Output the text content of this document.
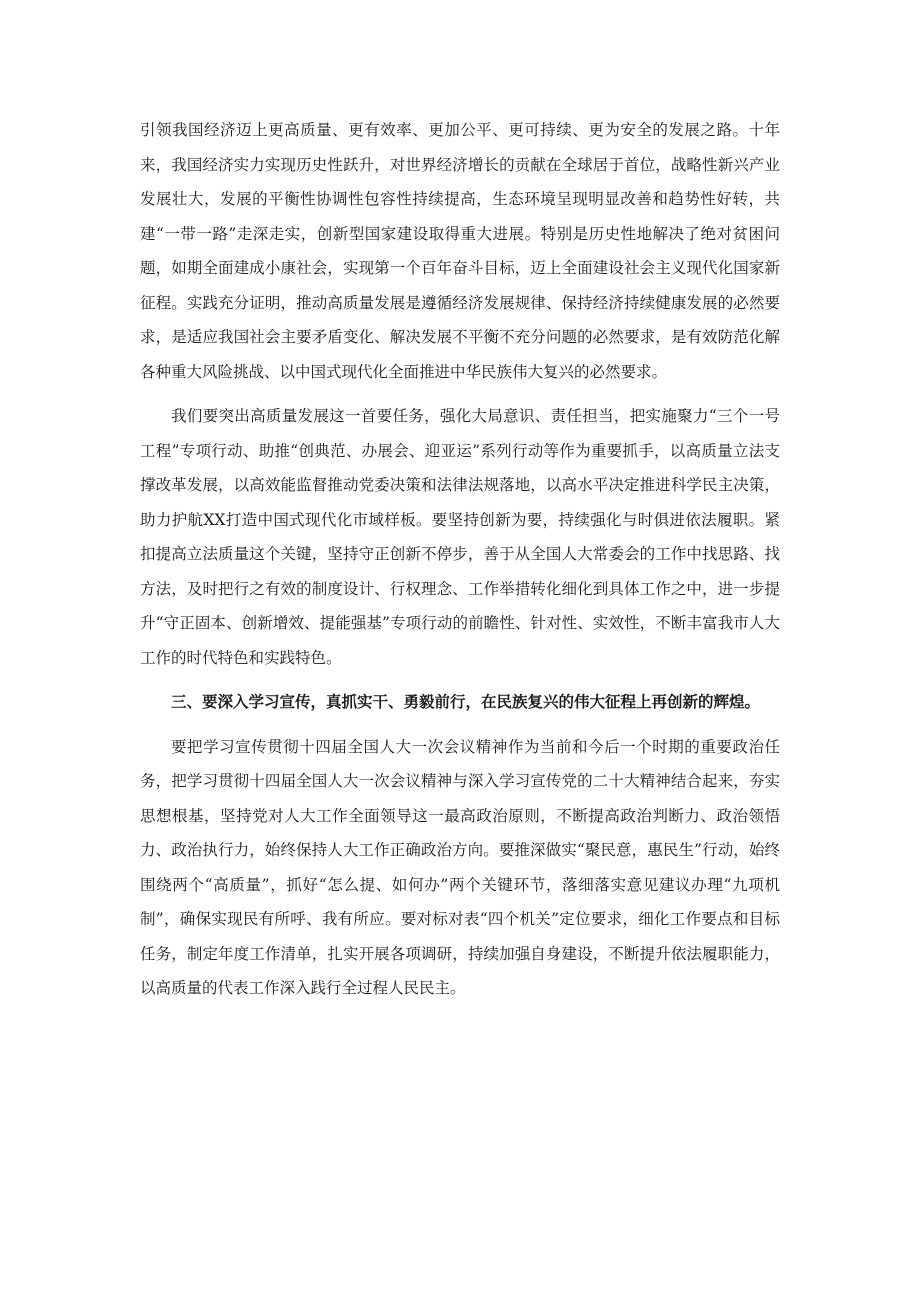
引领我国经济迈上更高质量、更有效率、更加公平、更可持续、更为安全的发展之路。十年来，我国经济实力实现历史性跃升，对世界经济增长的贡献在全球居于首位，战略性新兴产业发展壮大，发展的平衡性协调性包容性持续提高，生态环境呈现明显改善和趋势性好转，共建“一带一路”走深走实，创新型国家建设取得重大进展。特别是历史性地解决了绝对贫困问题，如期全面建成小康社会，实现第一个百年奋斗目标，迈上全面建设社会主义现代化国家新征程。实践充分证明，推动高质量发展是遵循经济发展规律、保持经济持续健康发展的必然要求，是适应我国社会主要矛盾变化、解决发展不平衡不充分问题的必然要求，是有效防范化解各种重大风险挑战、以中国式现代化全面推进中华民族伟大复兴的必然要求。

我们要突出高质量发展这一首要任务，强化大局意识、责任担当，把实施聚力“三个一号工程”专项行动、助推“创典范、办展会、迎亚运”系列行动等作为重要抓手，以高质量立法支撑改革发展，以高效能监督推动党委决策和法律法规落地，以高水平决定推进科学民主决策，助力护航XX打造中国式现代化市域样板。要坚持创新为要，持续强化与时俱进依法履职。紧扣提高立法质量这个关键，坚持守正创新不停步，善于从全国人大常委会的工作中找思路、找方法，及时把行之有效的制度设计、行权理念、工作举措转化细化到具体工作之中，进一步提升“守正固本、创新增效、提能强基”专项行动的前瞻性、针对性、实效性，不断丰富我市人大工作的时代特色和实践特色。

三、要深入学习宣传，真抓实干、勇毅前行，在民族复兴的伟大征程上再创新的辉煌。

要把学习宣传贯彻十四届全国人大一次会议精神作为当前和今后一个时期的重要政治任务，把学习贯彻十四届全国人大一次会议精神与深入学习宣传党的二十大精神结合起来，夯实思想根基，坚持党对人大工作全面领导这一最高政治原则，不断提高政治判断力、政治领悟力、政治执行力，始终保持人大工作正确政治方向。要推深做实“聚民意，惠民生”行动，始终围绕两个“高质量”，抓好“怎么提、如何办”两个关键环节，落细落实意见建议办理“九项机制”，确保实现民有所呼、我有所应。要对标对表“四个机关”定位要求，细化工作要点和目标任务，制定年度工作清单，扎实开展各项调研，持续加强自身建设，不断提升依法履职能力，以高质量的代表工作深入践行全过程人民民主。
